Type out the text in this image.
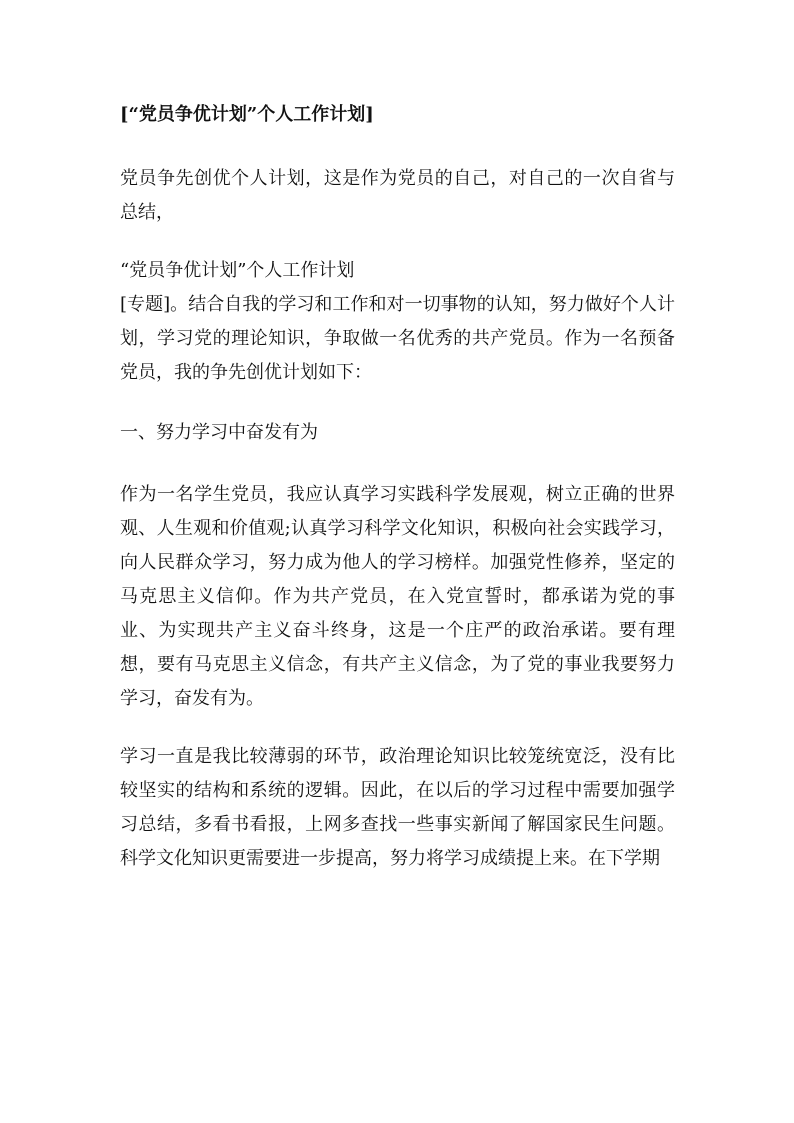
[“党员争优计划”个人工作计划]

党员争先创优个人计划，这是作为党员的自己，对自己的一次自省与总结，

“党员争优计划”个人工作计划

[专题]。结合自我的学习和工作和对一切事物的认知，努力做好个人计划，学习党的理论知识，争取做一名优秀的共产党员。作为一名预备党员，我的争先创优计划如下：

一、努力学习中奋发有为

作为一名学生党员，我应认真学习实践科学发展观，树立正确的世界观、人生观和价值观;认真学习科学文化知识，积极向社会实践学习，向人民群众学习，努力成为他人的学习榜样。加强党性修养，坚定的马克思主义信仰。作为共产党员，在入党宣誓时，都承诺为党的事业、为实现共产主义奋斗终身，这是一个庄严的政治承诺。要有理想，要有马克思主义信念，有共产主义信念，为了党的事业我要努力学习，奋发有为。

学习一直是我比较薄弱的环节，政治理论知识比较笼统宽泛，没有比较坚实的结构和系统的逻辑。因此，在以后的学习过程中需要加强学习总结，多看书看报，上网多查找一些事实新闻了解国家民生问题。科学文化知识更需要进一步提高，努力将学习成绩提上来。在下学期
